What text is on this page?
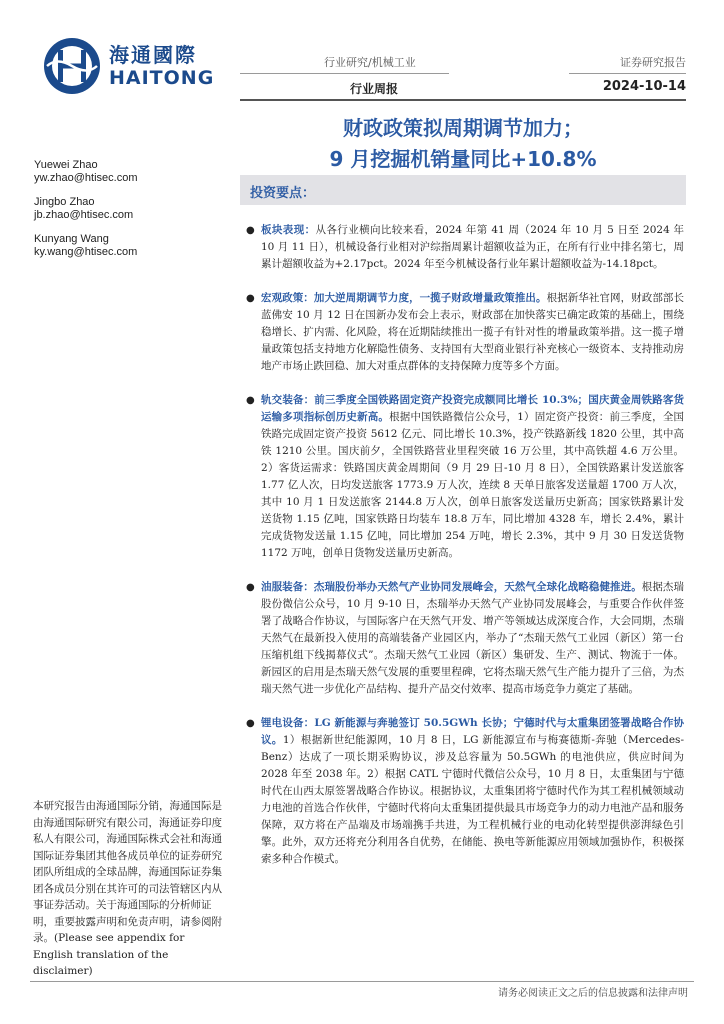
海通國際
HAITONG
行业研究/机械工业
行业周报
证券研究报告
2024-10-14
财政政策拟周期调节加力；
9 月挖掘机销量同比+10.8%
Yuewei Zhao
yw.zhao@htisec.com
Jingbo Zhao
jb.zhao@htisec.com
Kunyang Wang
ky.wang@htisec.com
投资要点：
● 板块表现：从各行业横向比较来看，2024 年第 41 周（2024 年 10 月 5 日至 2024 年 10 月 11 日），机械设备行业相对沪综指周累计超额收益为正，在所有行业中排名第七，周累计超额收益为+2.17pct。2024 年至今机械设备行业年累计超额收益为-14.18pct。
● 宏观政策：加大逆周期调节力度，一揽子财政增量政策推出。根据新华社官网，财政部部长蓝佛安 10 月 12 日在国新办发布会上表示，财政部在加快落实已确定政策的基础上，围绕稳增长、扩内需、化风险，将在近期陆续推出一揽子有针对性的增量政策举措。这一揽子增量政策包括支持地方化解隐性债务、支持国有大型商业银行补充核心一级资本、支持推动房地产市场止跌回稳、加大对重点群体的支持保障力度等多个方面。
● 轨交装备：前三季度全国铁路固定资产投资完成额同比增长 10.3%；国庆黄金周铁路客货运输多项指标创历史新高。根据中国铁路微信公众号，1）固定资产投资：前三季度，全国铁路完成固定资产投资 5612 亿元、同比增长 10.3%，投产铁路新线 1820 公里，其中高铁 1210 公里。国庆前夕，全国铁路营业里程突破 16 万公里，其中高铁超 4.6 万公里。2）客货运需求：铁路国庆黄金周期间（9 月 29 日-10 月 8 日），全国铁路累计发送旅客 1.77 亿人次，日均发送旅客 1773.9 万人次，连续 8 天单日旅客发送量超 1700 万人次，其中 10 月 1 日发送旅客 2144.8 万人次，创单日旅客发送量历史新高；国家铁路累计发送货物 1.15 亿吨，国家铁路日均装车 18.8 万车，同比增加 4328 车，增长 2.4%，累计完成货物发送量 1.15 亿吨，同比增加 254 万吨，增长 2.3%，其中 9 月 30 日发送货物 1172 万吨，创单日货物发送量历史新高。
● 油服装备：杰瑞股份举办天然气产业协同发展峰会，天然气全球化战略稳健推进。根据杰瑞股份微信公众号，10 月 9-10 日，杰瑞举办天然气产业协同发展峰会，与重要合作伙伴签署了战略合作协议，与国际客户在天然气开发、增产等领域达成深度合作，大会同期，杰瑞天然气在最新投入使用的高端装备产业园区内，举办了“杰瑞天然气工业园（新区）第一台压缩机组下线揭幕仪式”。杰瑞天然气工业园（新区）集研发、生产、测试、物流于一体。新园区的启用是杰瑞天然气发展的重要里程碑，它将杰瑞天然气生产能力提升了三倍，为杰瑞天然气进一步优化产品结构、提升产品交付效率、提高市场竞争力奠定了基础。
● 锂电设备：LG 新能源与奔驰签订 50.5GWh 长协；宁德时代与太重集团签署战略合作协议。1）根据新世纪能源网，10 月 8 日，LG 新能源宣布与梅赛德斯-奔驰（Mercedes-Benz）达成了一项长期采购协议，涉及总容量为 50.5GWh 的电池供应，供应时间为 2028 年至 2038 年。2）根据 CATL 宁德时代微信公众号，10 月 8 日，太重集团与宁德时代在山西太原签署战略合作协议。根据协议，太重集团将宁德时代作为其工程机械领域动力电池的首选合作伙伴，宁德时代将向太重集团提供最具市场竞争力的动力电池产品和服务保障，双方将在产品端及市场端携手共进，为工程机械行业的电动化转型提供澎湃绿色引擎。此外，双方还将充分利用各自优势，在储能、换电等新能源应用领域加强协作，积极探索多种合作模式。
本研究报告由海通国际分销，海通国际是由海通国际研究有限公司，海通证券印度私人有限公司，海通国际株式会社和海通国际证券集团其他各成员单位的证券研究团队所组成的全球品牌，海通国际证券集团各成员分别在其许可的司法管辖区内从事证券活动。关于海通国际的分析师证明，重要披露声明和免责声明，请参阅附录。(Please see appendix for English translation of the disclaimer)
请务必阅读正文之后的信息披露和法律声明
